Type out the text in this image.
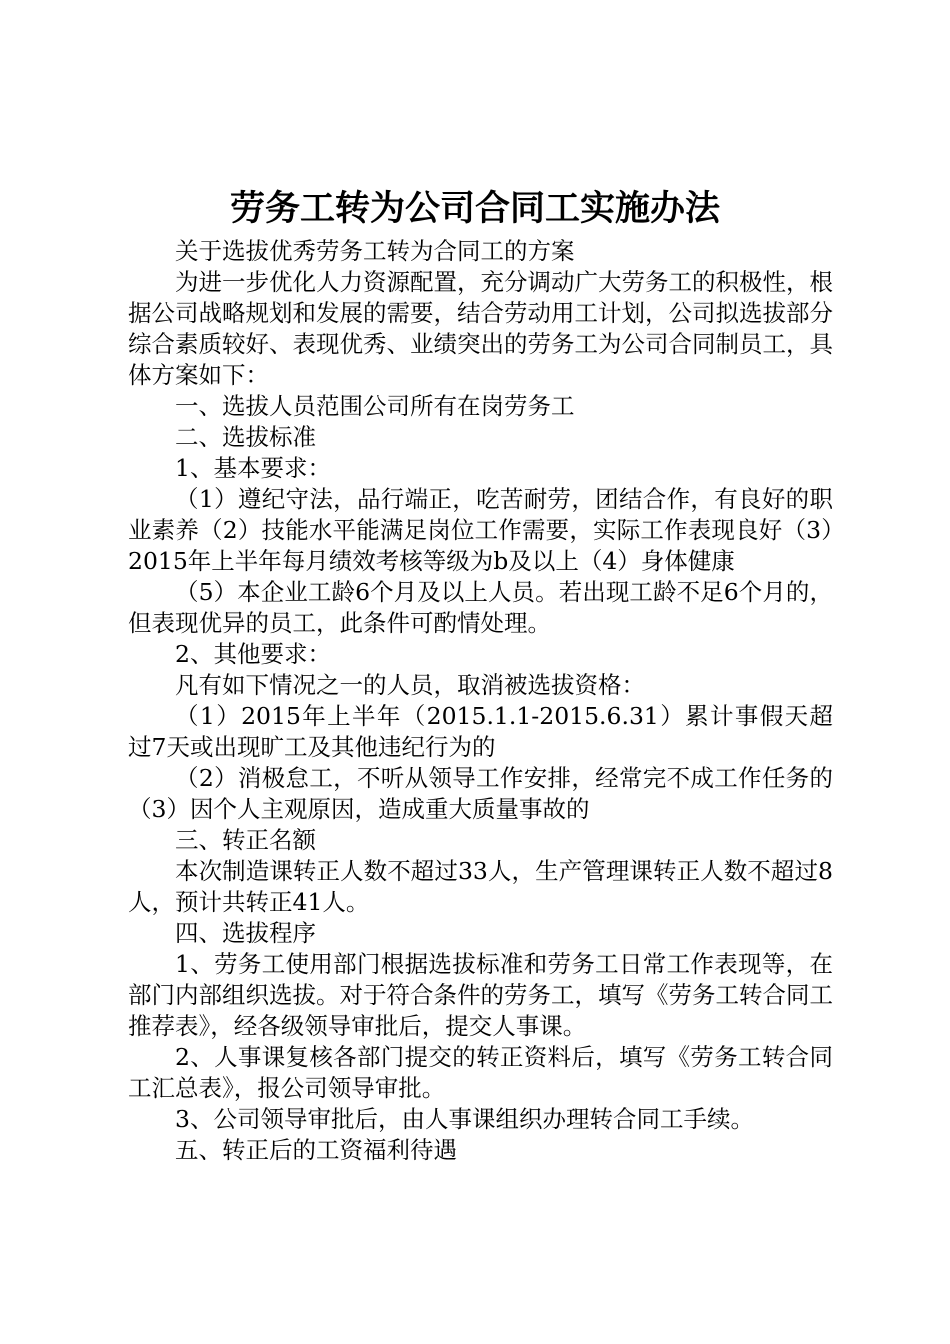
劳务工转为公司合同工实施办法

关于选拔优秀劳务工转为合同工的方案

为进一步优化人力资源配置，充分调动广大劳务工的积极性，根据公司战略规划和发展的需要，结合劳动用工计划，公司拟选拔部分综合素质较好、表现优秀、业绩突出的劳务工为公司合同制员工，具体方案如下：

一、选拔人员范围公司所有在岗劳务工

二、选拔标准

1、基本要求：

（1）遵纪守法，品行端正，吃苦耐劳，团结合作，有良好的职业素养（2）技能水平能满足岗位工作需要，实际工作表现良好（3）2015年上半年每月绩效考核等级为b及以上（4）身体健康

（5）本企业工龄6个月及以上人员。若出现工龄不足6个月的，但表现优异的员工，此条件可酌情处理。

2、其他要求：

凡有如下情况之一的人员，取消被选拔资格：

（1）2015年上半年（2015.1.1-2015.6.31）累计事假天超过7天或出现旷工及其他违纪行为的

（2）消极怠工，不听从领导工作安排，经常完不成工作任务的（3）因个人主观原因，造成重大质量事故的

三、转正名额

本次制造课转正人数不超过33人，生产管理课转正人数不超过8人，预计共转正41人。

四、选拔程序

1、劳务工使用部门根据选拔标准和劳务工日常工作表现等，在部门内部组织选拔。对于符合条件的劳务工，填写《劳务工转合同工推荐表》，经各级领导审批后，提交人事课。

2、人事课复核各部门提交的转正资料后，填写《劳务工转合同工汇总表》，报公司领导审批。

3、公司领导审批后，由人事课组织办理转合同工手续。

五、转正后的工资福利待遇
